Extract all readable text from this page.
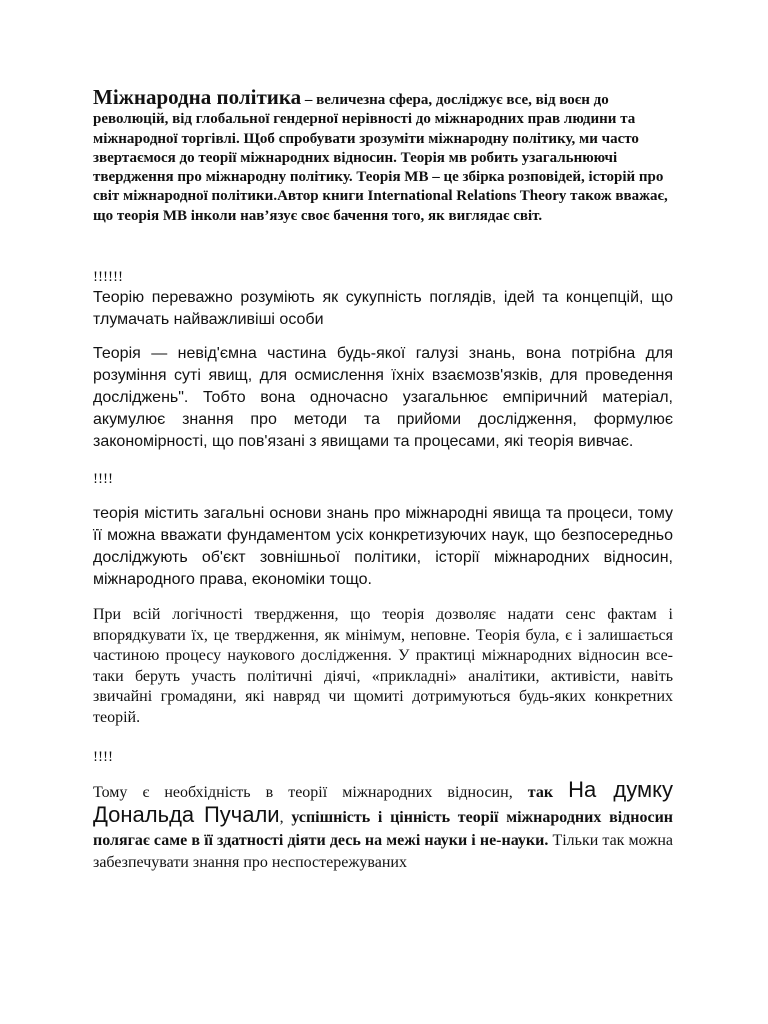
Міжнародна політика – величезна сфера, досліджує все, від воєн до революцій, від глобальної гендерної нерівності до міжнародних прав людини та міжнародної торгівлі. Щоб спробувати зрозуміти міжнародну політику, ми часто звертаємося до теорії міжнародних відносин. Теорія мв робить узагальнюючі твердження про міжнародну політику. Теорія МВ – це збірка розповідей, історій про світ міжнародної політики.Автор книги International Relations Theory також вважає, що теорія МВ інколи нав’язує своє бачення того, як виглядає світ.

!!!!!!

Теорію переважно розуміють як сукупність поглядів, ідей та концепцій, що тлумачать найважливіші особи

Теорія — невід'ємна частина будь-якої галузі знань, вона потрібна для розуміння суті явищ, для осмислення їхніх взаємозв'язків, для проведення досліджень". Тобто вона одночасно узагальнює емпіричний матеріал, акумулює знання про методи та прийоми дослідження, формулює закономірності, що пов'язані з явищами та процесами, які теорія вивчає.

!!!!

теорія містить загальні основи знань про міжнародні явища та процеси, тому її можна вважати фундаментом усіх конкретизуючих наук, що безпосередньо досліджують об'єкт зовнішньої політики, історії міжнародних відносин, міжнародного права, економіки тощо.

При всій логічності твердження, що теорія дозволяє надати сенс фактам і впорядкувати їх, це твердження, як мінімум, неповне. Теорія була, є і залишається частиною процесу наукового дослідження. У практиці міжнародних відносин все-таки беруть участь політичні діячі, «прикладні» аналітики, активісти, навіть звичайні громадяни, які навряд чи щомиті дотримуються будь-яких конкретних теорій.

!!!!

Тому є необхідність в теорії міжнародних відносин, так На думку Дональда Пучали, успішність і цінність теорії міжнародних відносин полягає саме в її здатності діяти десь на межі науки і не-науки. Тільки так можна забезпечувати знання про неспостережуваних
